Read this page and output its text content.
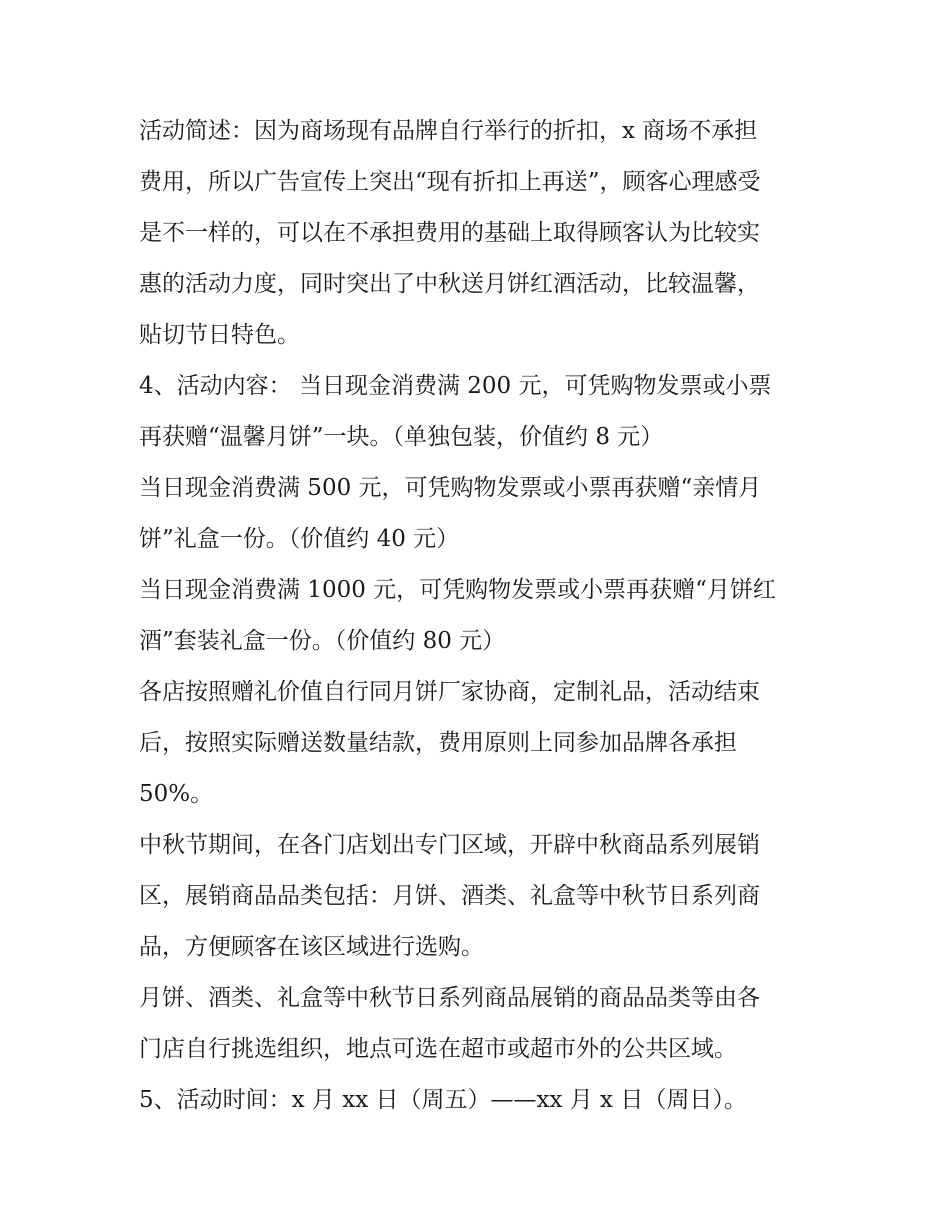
活动简述：因为商场现有品牌自行举行的折扣，x 商场不承担
费用，所以广告宣传上突出“现有折扣上再送”，顾客心理感受
是不一样的，可以在不承担费用的基础上取得顾客认为比较实
惠的活动力度，同时突出了中秋送月饼红酒活动，比较温馨，
贴切节日特色。
4、活动内容： 当日现金消费满 200 元，可凭购物发票或小票
再获赠“温馨月饼”一块。（单独包装，价值约 8 元）
当日现金消费满 500 元，可凭购物发票或小票再获赠“亲情月
饼”礼盒一份。（价值约 40 元）
当日现金消费满 1000 元，可凭购物发票或小票再获赠“月饼红
酒”套装礼盒一份。（价值约 80 元）
各店按照赠礼价值自行同月饼厂家协商，定制礼品，活动结束
后，按照实际赠送数量结款，费用原则上同参加品牌各承担
50%。
中秋节期间，在各门店划出专门区域，开辟中秋商品系列展销
区，展销商品品类包括：月饼、酒类、礼盒等中秋节日系列商
品，方便顾客在该区域进行选购。
月饼、酒类、礼盒等中秋节日系列商品展销的商品品类等由各
门店自行挑选组织，地点可选在超市或超市外的公共区域。
5、活动时间：x 月 xx 日（周五）——xx 月 x 日（周日）。
